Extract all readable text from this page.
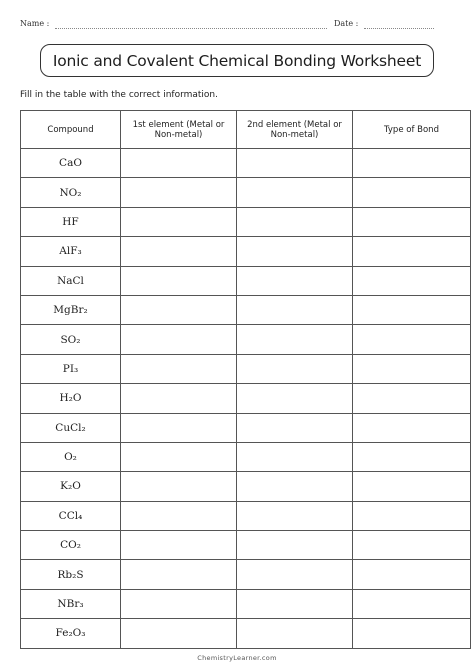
Name :	Date :
Ionic and Covalent Chemical Bonding Worksheet
Fill in the table with the correct information.
Compound	1st element (Metal or Non-metal)	2nd element (Metal or Non-metal)	Type of Bond
CaO			
NO₂			
HF			
AlF₃			
NaCl			
MgBr₂			
SO₂			
PI₃			
H₂O			
CuCl₂			
O₂			
K₂O			
CCl₄			
CO₂			
Rb₂S			
NBr₃			
Fe₂O₃			
ChemistryLearner.com
